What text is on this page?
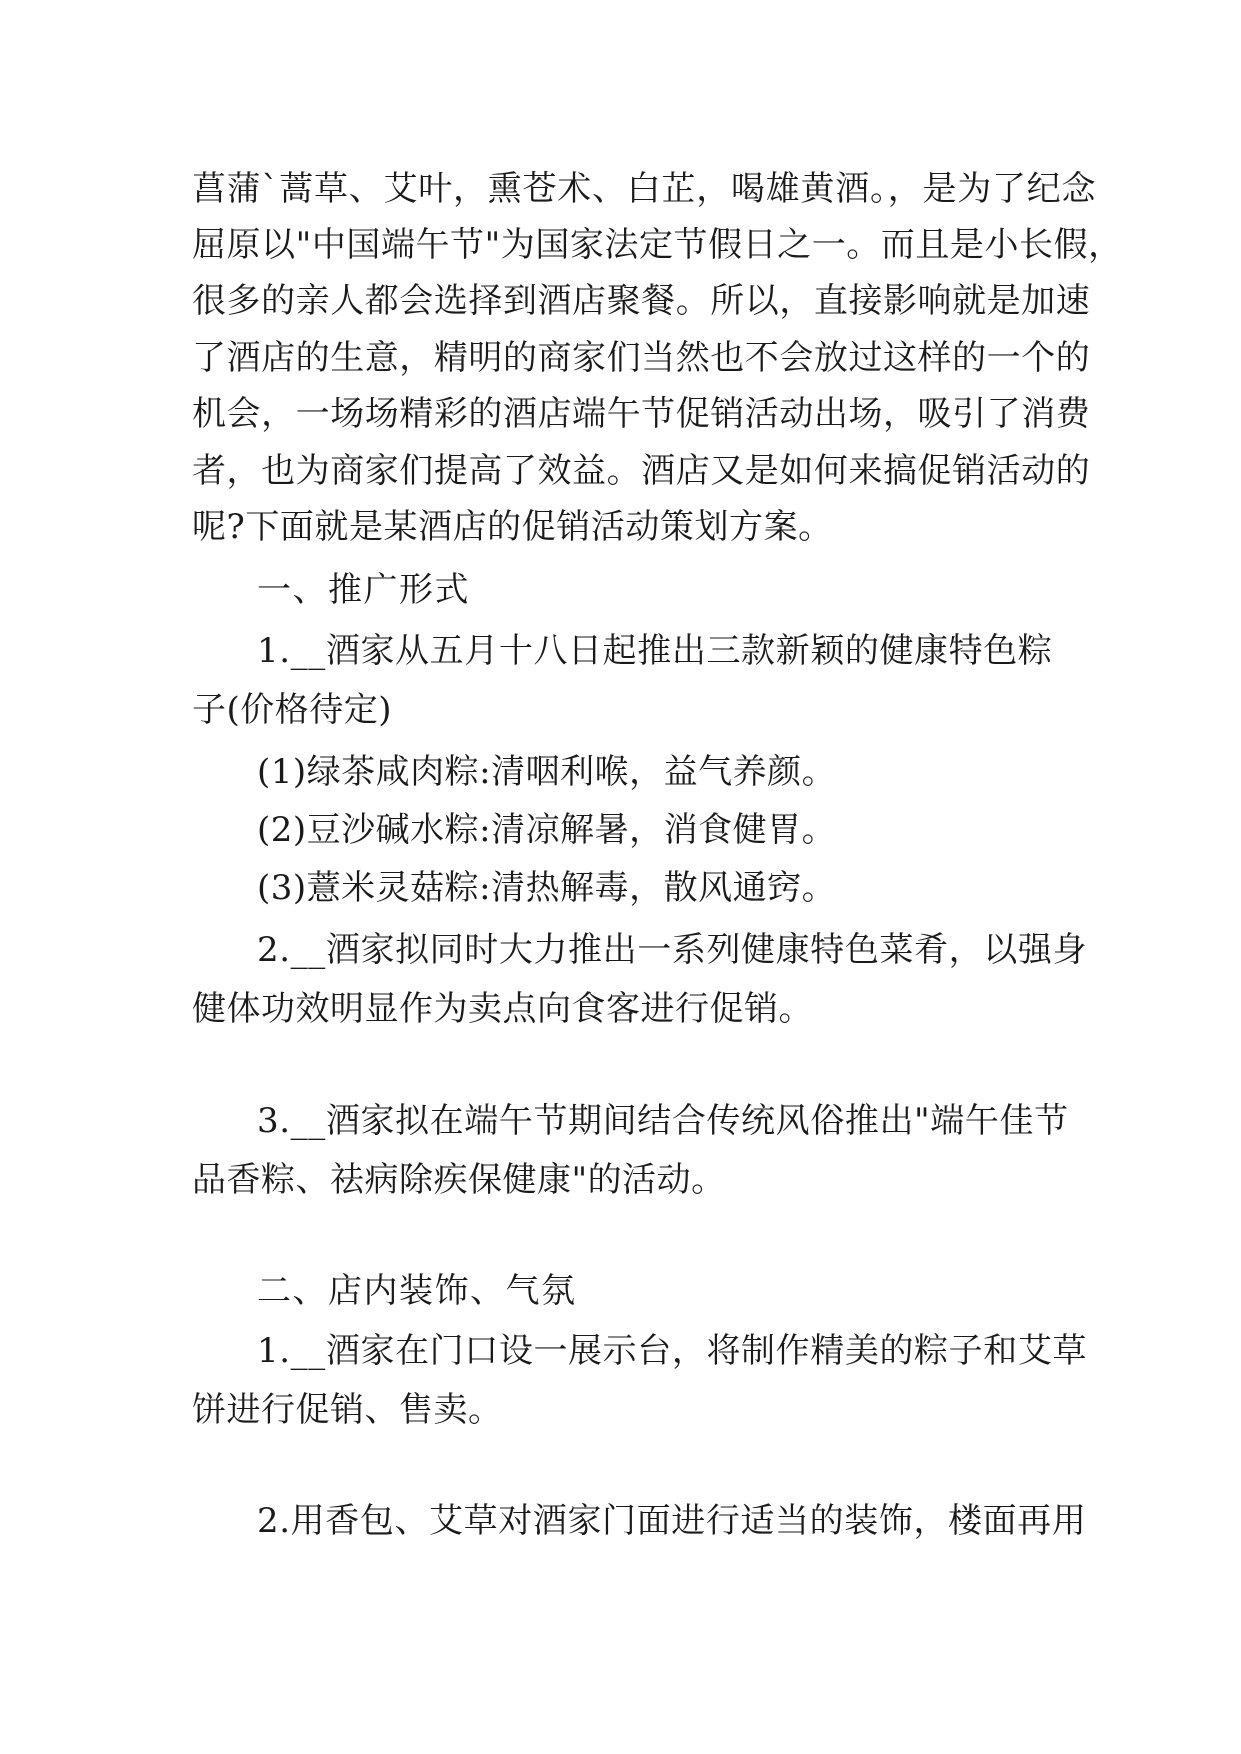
菖蒲`蒿草、艾叶，熏苍术、白芷，喝雄黄酒。，是为了纪念
屈原以"中国端午节"为国家法定节假日之一。而且是小长假，
很多的亲人都会选择到酒店聚餐。所以，直接影响就是加速
了酒店的生意，精明的商家们当然也不会放过这样的一个的
机会，一场场精彩的酒店端午节促销活动出场，吸引了消费
者，也为商家们提高了效益。酒店又是如何来搞促销活动的
呢?下面就是某酒店的促销活动策划方案。
一、推广形式
1.__酒家从五月十八日起推出三款新颖的健康特色粽
子(价格待定)
(1)绿茶咸肉粽:清咽利喉，益气养颜。
(2)豆沙碱水粽:清凉解暑，消食健胃。
(3)薏米灵菇粽:清热解毒，散风通窍。
2.__酒家拟同时大力推出一系列健康特色菜肴，以强身
健体功效明显作为卖点向食客进行促销。
3.__酒家拟在端午节期间结合传统风俗推出"端午佳节
品香粽、祛病除疾保健康"的活动。
二、店内装饰、气氛
1.__酒家在门口设一展示台，将制作精美的粽子和艾草
饼进行促销、售卖。
2.用香包、艾草对酒家门面进行适当的装饰，楼面再用
